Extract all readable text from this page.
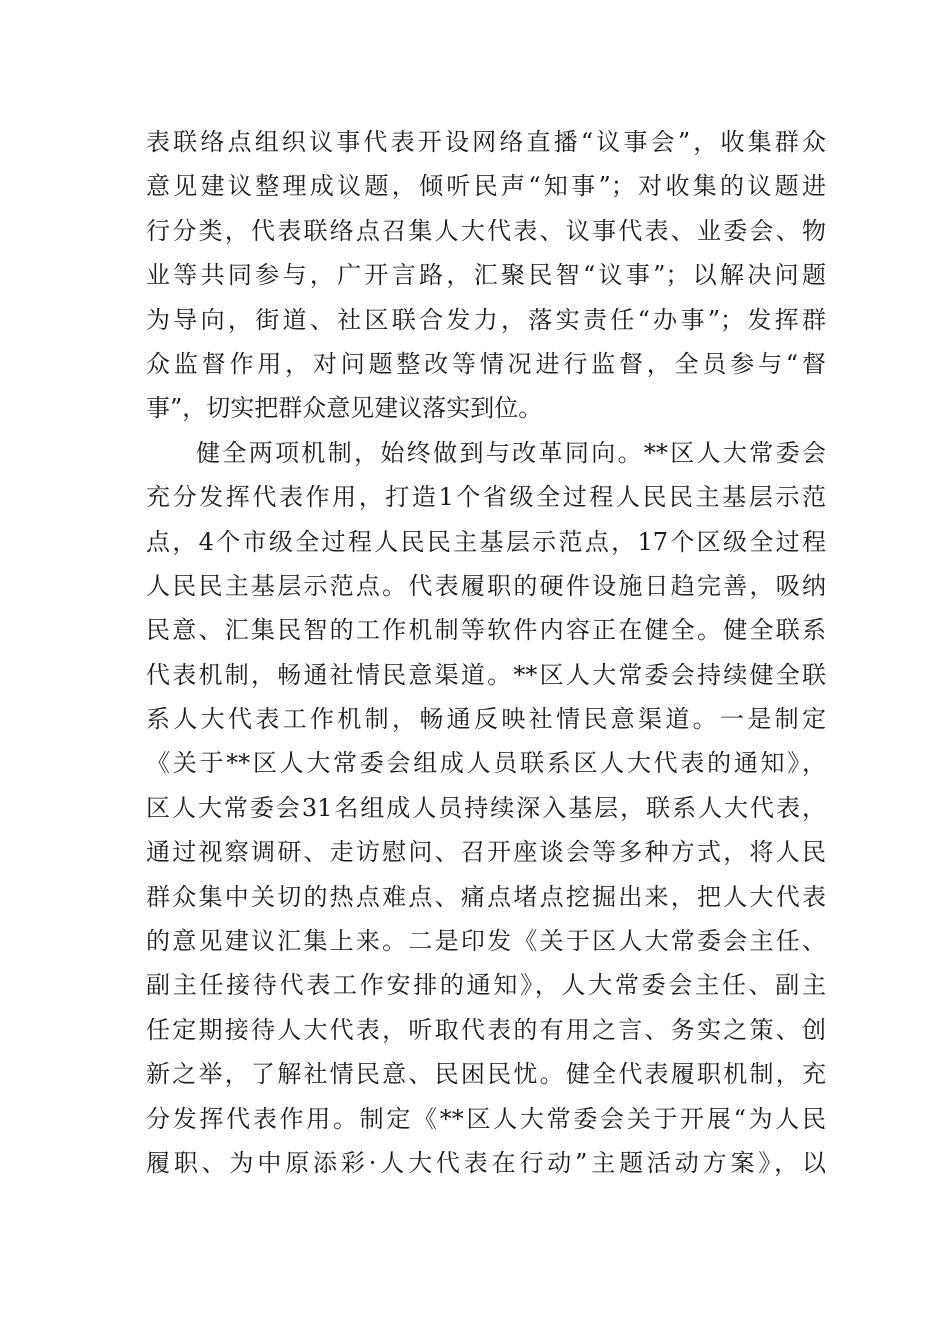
表联络点组织议事代表开设网络直播“议事会”，收集群众
意见建议整理成议题，倾听民声“知事”；对收集的议题进
行分类，代表联络点召集人大代表、议事代表、业委会、物
业等共同参与，广开言路，汇聚民智“议事”；以解决问题
为导向，街道、社区联合发力，落实责任“办事”；发挥群
众监督作用，对问题整改等情况进行监督，全员参与“督
事”，切实把群众意见建议落实到位。
健全两项机制，始终做到与改革同向。**区人大常委会
充分发挥代表作用，打造1个省级全过程人民民主基层示范
点，4个市级全过程人民民主基层示范点，17个区级全过程
人民民主基层示范点。代表履职的硬件设施日趋完善，吸纳
民意、汇集民智的工作机制等软件内容正在健全。健全联系
代表机制，畅通社情民意渠道。**区人大常委会持续健全联
系人大代表工作机制，畅通反映社情民意渠道。一是制定
《关于**区人大常委会组成人员联系区人大代表的通知》，
区人大常委会31名组成人员持续深入基层，联系人大代表，
通过视察调研、走访慰问、召开座谈会等多种方式，将人民
群众集中关切的热点难点、痛点堵点挖掘出来，把人大代表
的意见建议汇集上来。二是印发《关于区人大常委会主任、
副主任接待代表工作安排的通知》，人大常委会主任、副主
任定期接待人大代表，听取代表的有用之言、务实之策、创
新之举，了解社情民意、民困民忧。健全代表履职机制，充
分发挥代表作用。制定《**区人大常委会关于开展“为人民
履职、为中原添彩·人大代表在行动”主题活动方案》，以
